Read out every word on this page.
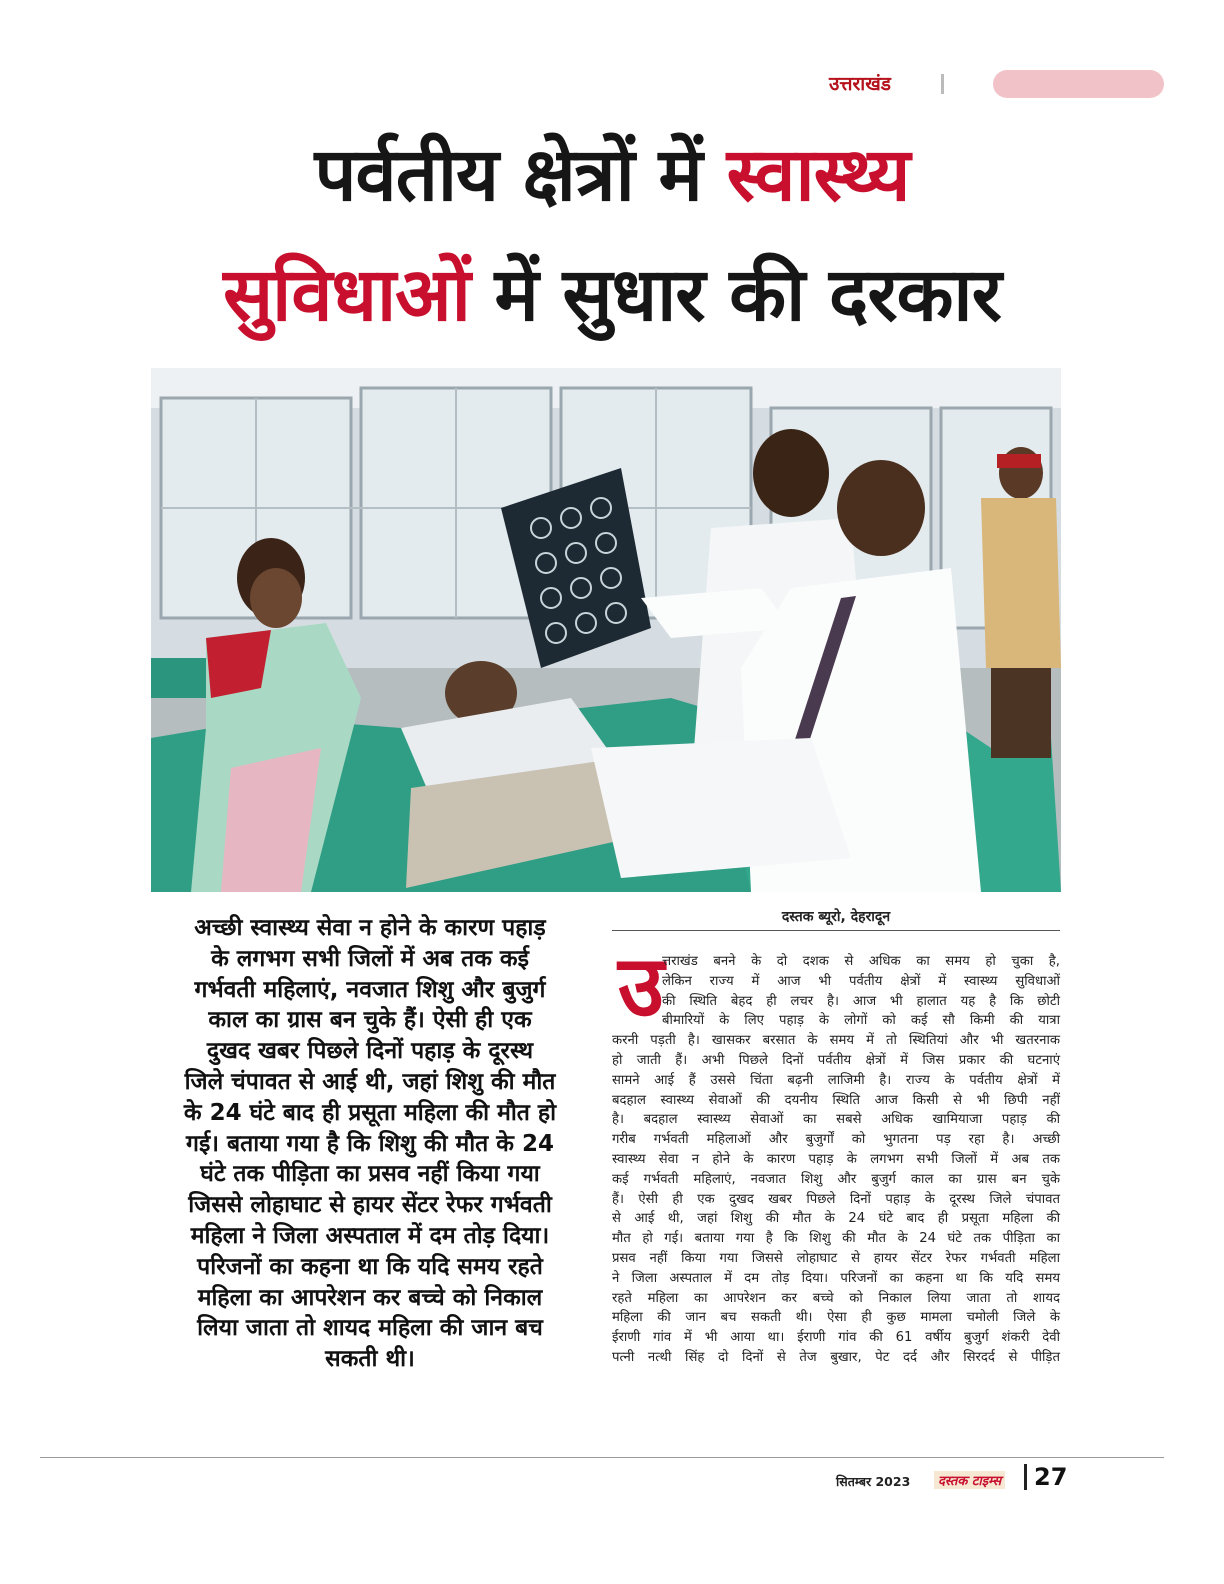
उत्तराखंड
पर्वतीय क्षेत्रों में स्वास्थ्य
सुविधाओं में सुधार की दरकार
अच्छी स्वास्थ्य सेवा न होने के कारण पहाड़
के लगभग सभी जिलों में अब तक कई
गर्भवती महिलाएं, नवजात शिशु और बुजुर्ग
काल का ग्रास बन चुके हैं। ऐसी ही एक
दुखद खबर पिछले दिनों पहाड़ के दूरस्थ
जिले चंपावत से आई थी, जहां शिशु की मौत
के 24 घंटे बाद ही प्रसूता महिला की मौत हो
गई। बताया गया है कि शिशु की मौत के 24
घंटे तक पीड़िता का प्रसव नहीं किया गया
जिससे लोहाघाट से हायर सेंटर रेफर गर्भवती
महिला ने जिला अस्पताल में दम तोड़ दिया।
परिजनों का कहना था कि यदि समय रहते
महिला का आपरेशन कर बच्चे को निकाल
लिया जाता तो शायद महिला की जान बच
सकती थी।
दस्तक ब्यूरो, देहरादून
उ
त्तराखंड बनने के दो दशक से अधिक का समय हो चुका है,
लेकिन राज्य में आज भी पर्वतीय क्षेत्रों में स्वास्थ्य सुविधाओं
की स्थिति बेहद ही लचर है। आज भी हालात यह है कि छोटी
बीमारियों के लिए पहाड़ के लोगों को कई सौ किमी की यात्रा
करनी पड़ती है। खासकर बरसात के समय में तो स्थितियां और भी खतरनाक
हो जाती हैं। अभी पिछले दिनों पर्वतीय क्षेत्रों में जिस प्रकार की घटनाएं
सामने आई हैं उससे चिंता बढ़नी लाजिमी है। राज्य के पर्वतीय क्षेत्रों में
बदहाल स्वास्थ्य सेवाओं की दयनीय स्थिति आज किसी से भी छिपी नहीं
है। बदहाल स्वास्थ्य सेवाओं का सबसे अधिक खामियाजा पहाड़ की
गरीब गर्भवती महिलाओं और बुजुर्गों को भुगतना पड़ रहा है। अच्छी
स्वास्थ्य सेवा न होने के कारण पहाड़ के लगभग सभी जिलों में अब तक
कई गर्भवती महिलाएं, नवजात शिशु और बुजुर्ग काल का ग्रास बन चुके
हैं। ऐसी ही एक दुखद खबर पिछले दिनों पहाड़ के दूरस्थ जिले चंपावत
से आई थी, जहां शिशु की मौत के 24 घंटे बाद ही प्रसूता महिला की
मौत हो गई। बताया गया है कि शिशु की मौत के 24 घंटे तक पीड़िता का
प्रसव नहीं किया गया जिससे लोहाघाट से हायर सेंटर रेफर गर्भवती महिला
ने जिला अस्पताल में दम तोड़ दिया। परिजनों का कहना था कि यदि समय
रहते महिला का आपरेशन कर बच्चे को निकाल लिया जाता तो शायद
महिला की जान बच सकती थी। ऐसा ही कुछ मामला चमोली जिले के
ईराणी गांव में भी आया था। ईराणी गांव की 61 वर्षीय बुजुर्ग शंकरी देवी
पत्नी नत्थी सिंह दो दिनों से तेज बुखार, पेट दर्द और सिरदर्द से पीड़ित
सितम्बर 2023	दस्तक टाइम्स 27
